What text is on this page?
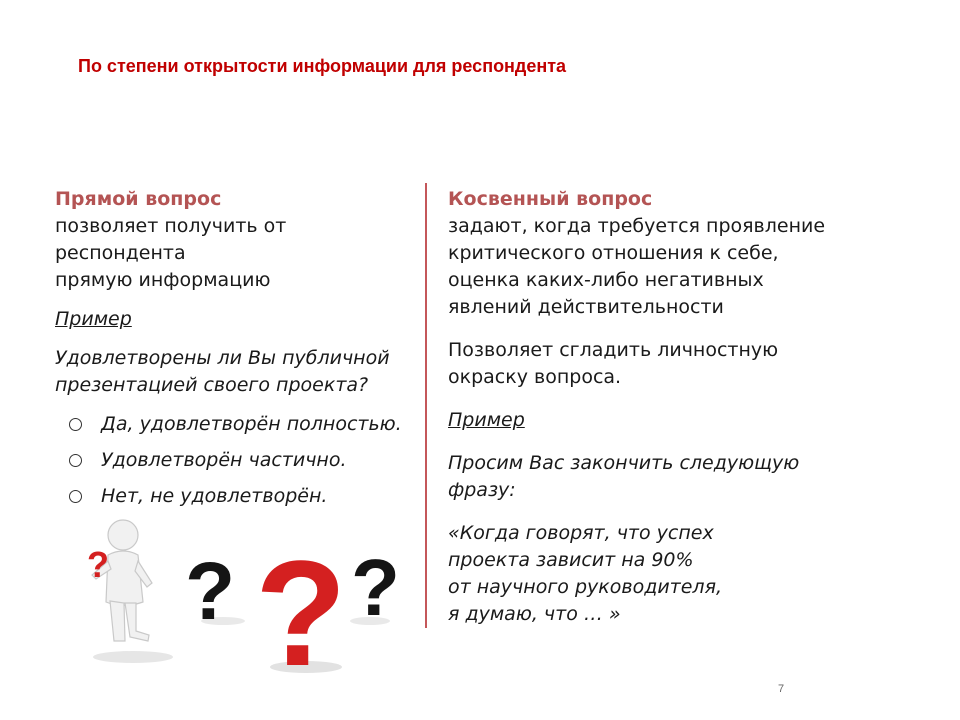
По степени открытости информации для респондента
Прямой вопрос
позволяет получить от респондента
прямую информацию
Пример
Удовлетворены ли Вы публичной
презентацией своего проекта?
Да, удовлетворён полностью.
Удовлетворён частично.
Нет, не удовлетворён.
Косвенный вопрос
задают, когда требуется проявление
критического отношения к себе,
оценка каких-либо негативных
явлений действительности
Позволяет сгладить личностную
окраску вопроса.
Пример
Просим Вас закончить следующую
фразу:
«Когда говорят, что успех
проекта зависит на 90%
от научного руководителя,
я думаю, что … »
? ? ? ?
7
